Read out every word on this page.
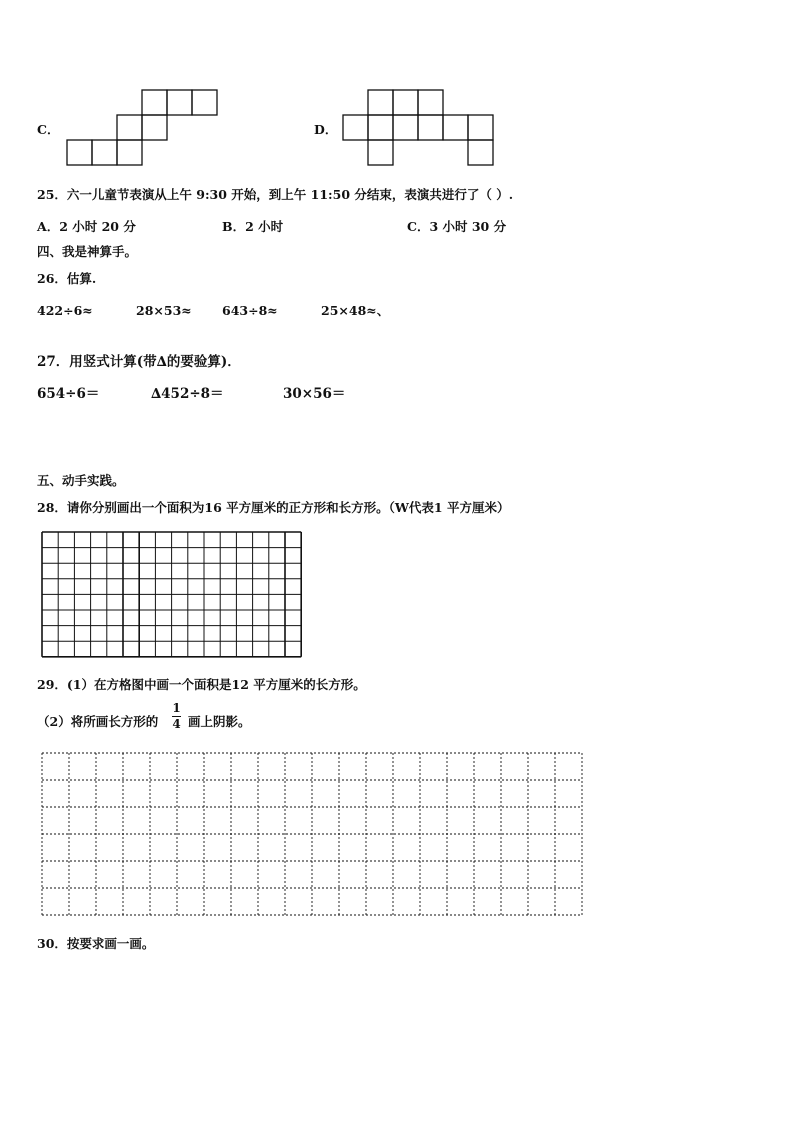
C．	D．
25．六一儿童节表演从上午 9:30 开始，到上午 11:50 分结束，表演共进行了（ ）.
A．2 小时 20 分	B．2 小时	C．3 小时 30 分
四、我是神算手。
26．估算.
422÷6≈	28×53≈ 643÷8≈	25×48≈、
27．用竖式计算(带∆的要验算)．
654÷6＝	∆452÷8＝	30×56＝
五、动手实践。
28．请你分别画出一个面积为16 平方厘米的正方形和长方形。（W代表1 平方厘米）
29．(1）在方格图中画一个面积是12 平方厘米的长方形。
（2）将所画长方形的
1
4 画上阴影。
30．按要求画一画。
